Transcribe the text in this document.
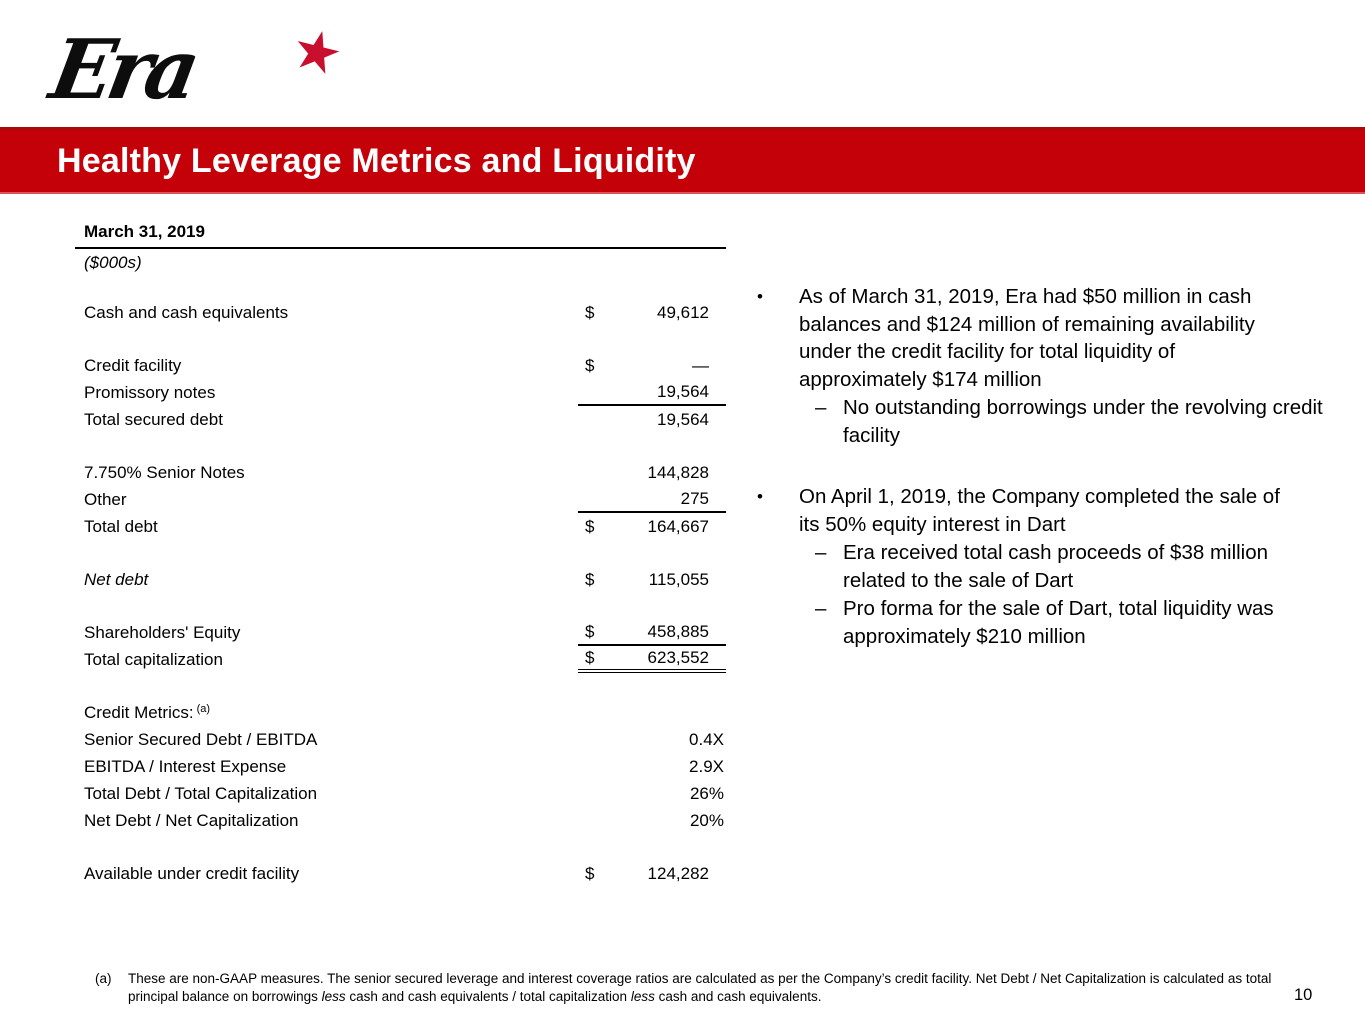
Era ★
Healthy Leverage Metrics and Liquidity
March 31, 2019
($000s)
Cash and cash equivalents	$	49,612
Credit facility	$	—
Promissory notes	19,564
Total secured debt	19,564
7.750% Senior Notes	144,828
Other	275
Total debt	$	164,667
Net debt	$	115,055
Shareholders' Equity	$	458,885
Total capitalization	$	623,552
Credit Metrics: $^{(a)}$
Senior Secured Debt / EBITDA	0.4X
EBITDA / Interest Expense	2.9X
Total Debt / Total Capitalization	26%
Net Debt / Net Capitalization	20%
Available under credit facility	$	124,282
•	As of March 31, 2019, Era had $50 million in cash balances and $124 million of remaining availability under the credit facility for total liquidity of approximately $174 million
– No outstanding borrowings under the revolving credit facility
•	On April 1, 2019, the Company completed the sale of its 50% equity interest in Dart
– Era received total cash proceeds of $38 million related to the sale of Dart
– Pro forma for the sale of Dart, total liquidity was approximately $210 million
(a)	These are non-GAAP measures. The senior secured leverage and interest coverage ratios are calculated as per the Company’s credit facility. Net Debt / Net Capitalization is calculated as total principal balance on borrowings less cash and cash equivalents / total capitalization less cash and cash equivalents.	10
